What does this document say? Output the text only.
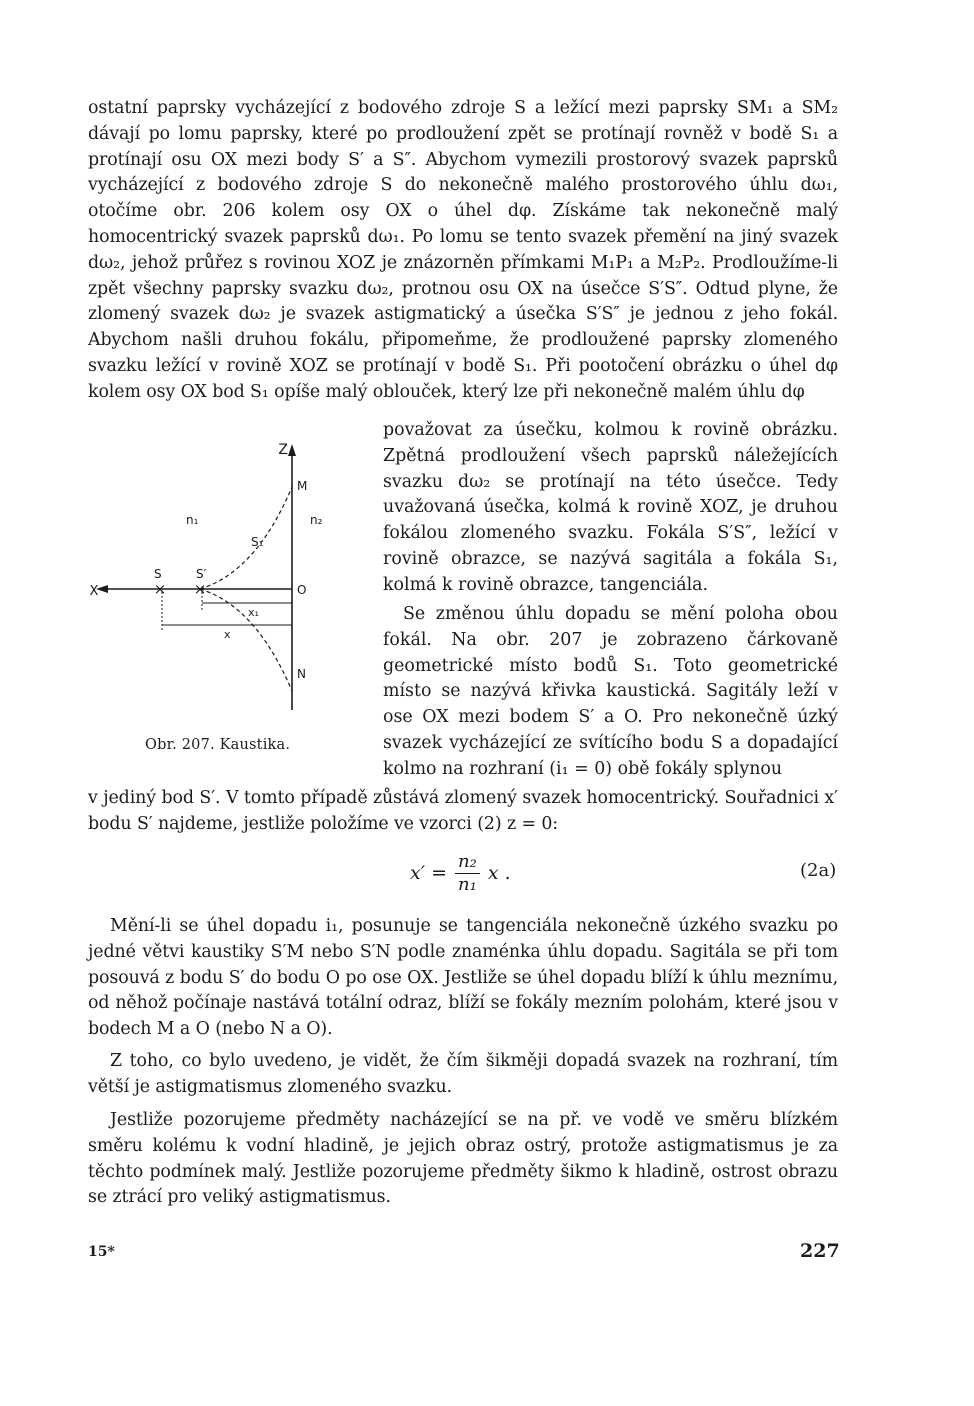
ostatní paprsky vycházející z bodového zdroje S a ležící mezi paprsky SM₁ a SM₂ dávají po lomu paprsky, které po prodloužení zpět se protínají rovněž v bodě S₁ a protínají osu OX mezi body S′ a S″. Abychom vymezili prostorový svazek paprsků vycházející z bodového zdroje S do nekonečně malého prostorového úhlu dω₁, otočíme obr. 206 kolem osy OX o úhel dφ. Získáme tak nekonečně malý homocentrický svazek paprsků dω₁. Po lomu se tento svazek přemění na jiný svazek dω₂, jehož průřez s rovinou XOZ je znázorněn přímkami M₁P₁ a M₂P₂. Prodloužíme-li zpět všechny paprsky svazku dω₂, protnou osu OX na úsečce S′S″. Odtud plyne, že zlomený svazek dω₂ je svazek astigmatický a úsečka S′S″ je jednou z jeho fokál. Abychom našli druhou fokálu, připomeňme, že prodloužené paprsky zlomeného svazku ležící v rovině XOZ se protínají v bodě S₁. Při pootočení obrázku o úhel dφ kolem osy OX bod S₁ opíše malý oblouček, který lze při nekonečně malém úhlu dφ

× ×
Z
M
n₁	n₂
S₁
S	S′
X	O
x₁
x
N

Obr. 207. Kaustika.

považovat za úsečku, kolmou k rovině obrázku. Zpětná prodloužení všech paprsků náležejících svazku dω₂ se protínají na této úsečce. Tedy uvažovaná úsečka, kolmá k rovině XOZ, je druhou fokálou zlomeného svazku. Fokála S′S″, ležící v rovině obrazce, se nazývá sagitála a fokála S₁, kolmá k rovině obrazce, tangenciála.

Se změnou úhlu dopadu se mění poloha obou fokál. Na obr. 207 je zobrazeno čárkovaně geometrické místo bodů S₁. Toto geometrické místo se nazývá křivka kaustická. Sagitály leží v ose OX mezi bodem S′ a O. Pro nekonečně úzký svazek vycházející ze svítícího bodu S a dopadající kolmo na rozhraní (i₁ = 0) obě fokály splynou

v jediný bod S′. V tomto případě zůstává zlomený svazek homocentrický. Souřadnici x′ bodu S′ najdeme, jestliže položíme ve vzorci (2) z = 0:

$x' = \frac{\text{n₂}}{\text{n₁}}$ x .	(2a)

Mění-li se úhel dopadu i₁, posunuje se tangenciála nekonečně úzkého svazku po jedné větvi kaustiky S′M nebo S′N podle znaménka úhlu dopadu. Sagitála se při tom posouvá z bodu S′ do bodu O po ose OX. Jestliže se úhel dopadu blíží k úhlu meznímu, od něhož počínaje nastává totální odraz, blíží se fokály mezním polohám, které jsou v bodech M a O (nebo N a O).

Z toho, co bylo uvedeno, je vidět, že čím šikměji dopadá svazek na rozhraní, tím větší je astigmatismus zlomeného svazku.

Jestliže pozorujeme předměty nacházející se na př. ve vodě ve směru blízkém směru kolému k vodní hladině, je jejich obraz ostrý, protože astigmatismus je za těchto podmínek malý. Jestliže pozorujeme předměty šikmo k hladině, ostrost obrazu se ztrácí pro veliký astigmatismus.

15*	227
